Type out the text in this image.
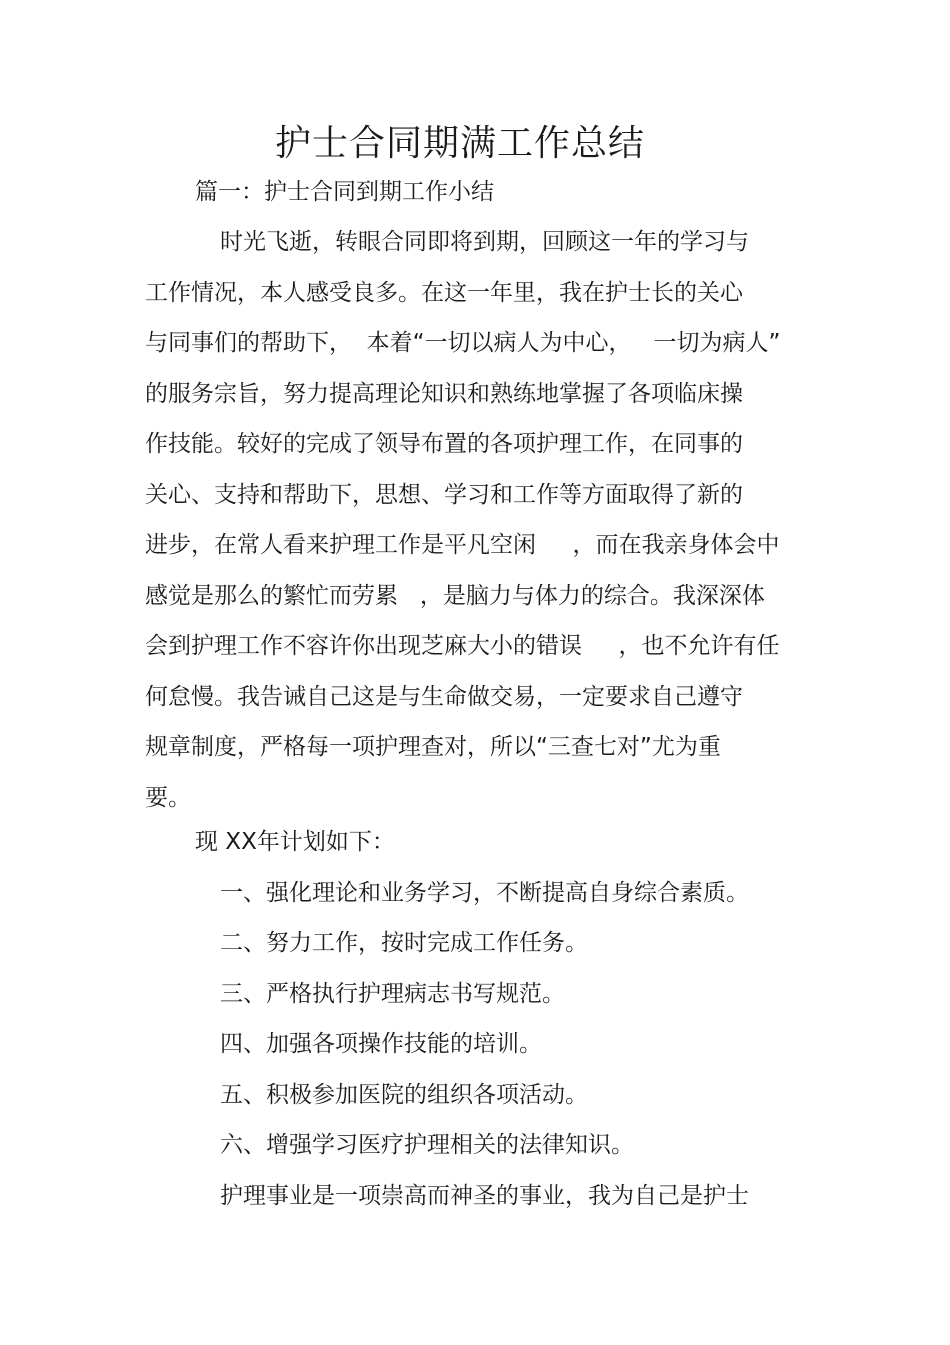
护士合同期满工作总结
篇一：护士合同到期工作小结
时光飞逝，转眼合同即将到期，回顾这一年的学习与
工作情况，本人感受良多。在这一年里，我在护士长的关心
与同事们的帮助下，  本着“一切以病人为中心，   一切为病人”
的服务宗旨，努力提高理论知识和熟练地掌握了各项临床操
作技能。较好的完成了领导布置的各项护理工作，在同事的
关心、支持和帮助下，思想、学习和工作等方面取得了新的
进步，在常人看来护理工作是平凡空闲     ，而在我亲身体会中
感觉是那么的繁忙而劳累   ，是脑力与体力的综合。我深深体
会到护理工作不容许你出现芝麻大小的错误     ，也不允许有任
何怠慢。我告诫自己这是与生命做交易，一定要求自己遵守
规章制度，严格每一项护理查对，所以“三查七对”尤为重
要。
现 XX年计划如下：
一、强化理论和业务学习，不断提高自身综合素质。
二、努力工作，按时完成工作任务。
三、严格执行护理病志书写规范。
四、加强各项操作技能的培训。
五、积极参加医院的组织各项活动。
六、增强学习医疗护理相关的法律知识。
护理事业是一项崇高而神圣的事业，我为自己是护士
